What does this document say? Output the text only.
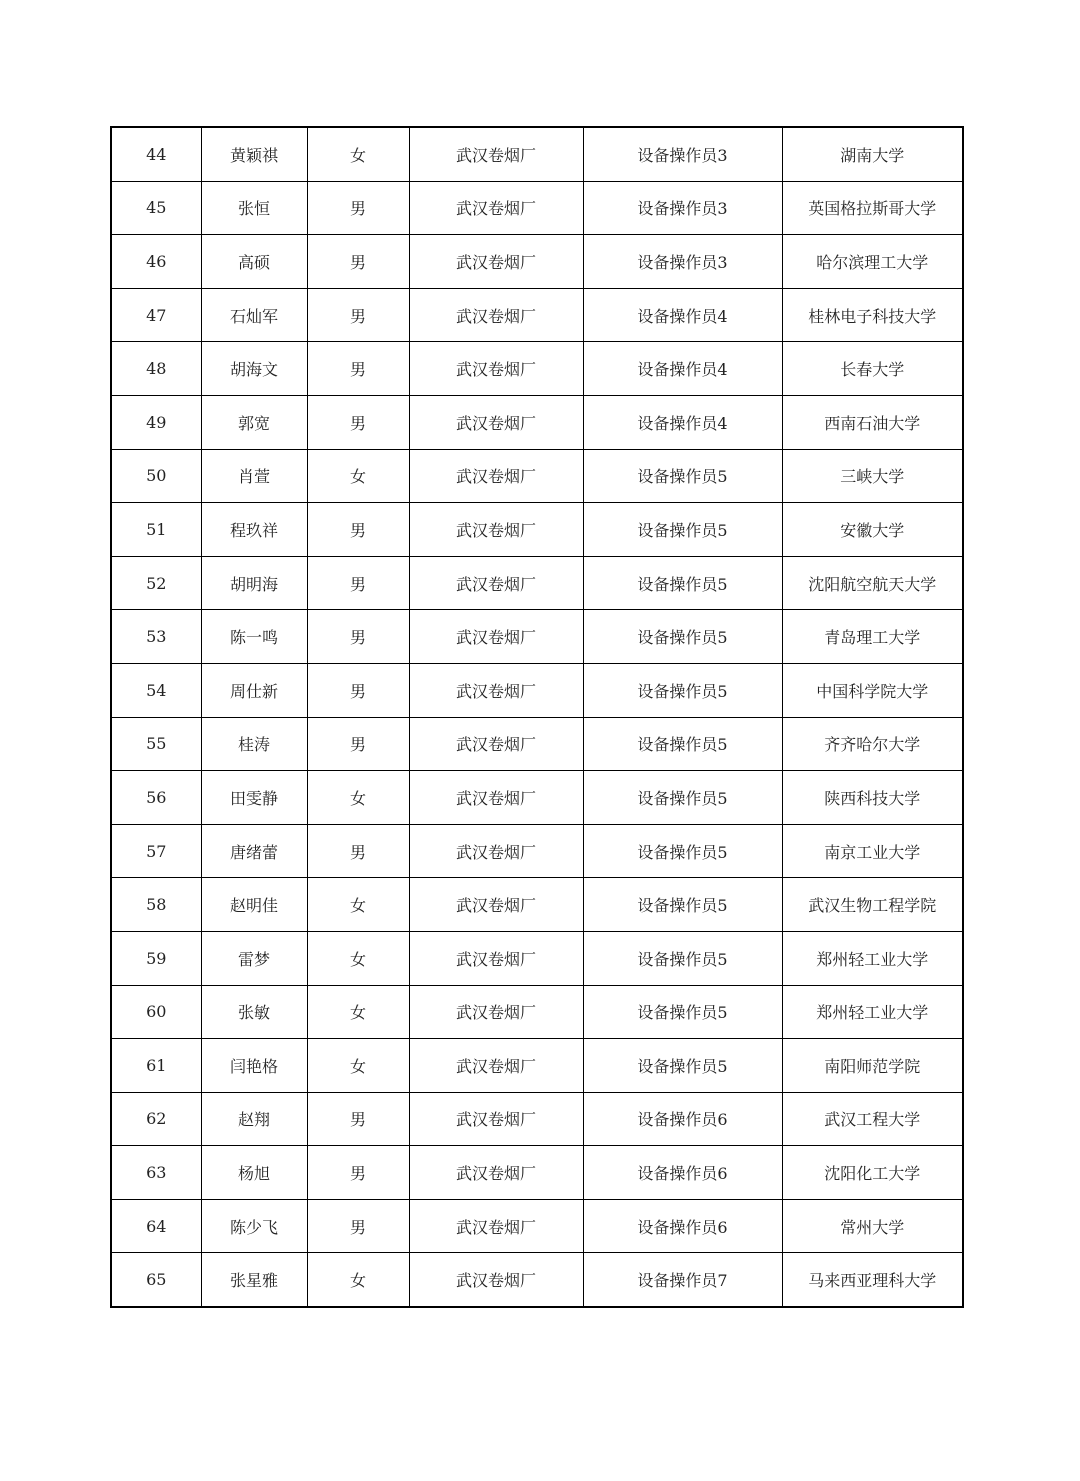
44	黄颖祺	女	武汉卷烟厂	设备操作员3	湖南大学
45	张恒	男	武汉卷烟厂	设备操作员3	英国格拉斯哥大学
46	高硕	男	武汉卷烟厂	设备操作员3	哈尔滨理工大学
47	石灿军	男	武汉卷烟厂	设备操作员4	桂林电子科技大学
48	胡海文	男	武汉卷烟厂	设备操作员4	长春大学
49	郭宽	男	武汉卷烟厂	设备操作员4	西南石油大学
50	肖萱	女	武汉卷烟厂	设备操作员5	三峡大学
51	程玖祥	男	武汉卷烟厂	设备操作员5	安徽大学
52	胡明海	男	武汉卷烟厂	设备操作员5	沈阳航空航天大学
53	陈一鸣	男	武汉卷烟厂	设备操作员5	青岛理工大学
54	周仕新	男	武汉卷烟厂	设备操作员5	中国科学院大学
55	桂涛	男	武汉卷烟厂	设备操作员5	齐齐哈尔大学
56	田雯静	女	武汉卷烟厂	设备操作员5	陕西科技大学
57	唐绪蕾	男	武汉卷烟厂	设备操作员5	南京工业大学
58	赵明佳	女	武汉卷烟厂	设备操作员5	武汉生物工程学院
59	雷梦	女	武汉卷烟厂	设备操作员5	郑州轻工业大学
60	张敏	女	武汉卷烟厂	设备操作员5	郑州轻工业大学
61	闫艳格	女	武汉卷烟厂	设备操作员5	南阳师范学院
62	赵翔	男	武汉卷烟厂	设备操作员6	武汉工程大学
63	杨旭	男	武汉卷烟厂	设备操作员6	沈阳化工大学
64	陈少飞	男	武汉卷烟厂	设备操作员6	常州大学
65	张星雅	女	武汉卷烟厂	设备操作员7	马来西亚理科大学
